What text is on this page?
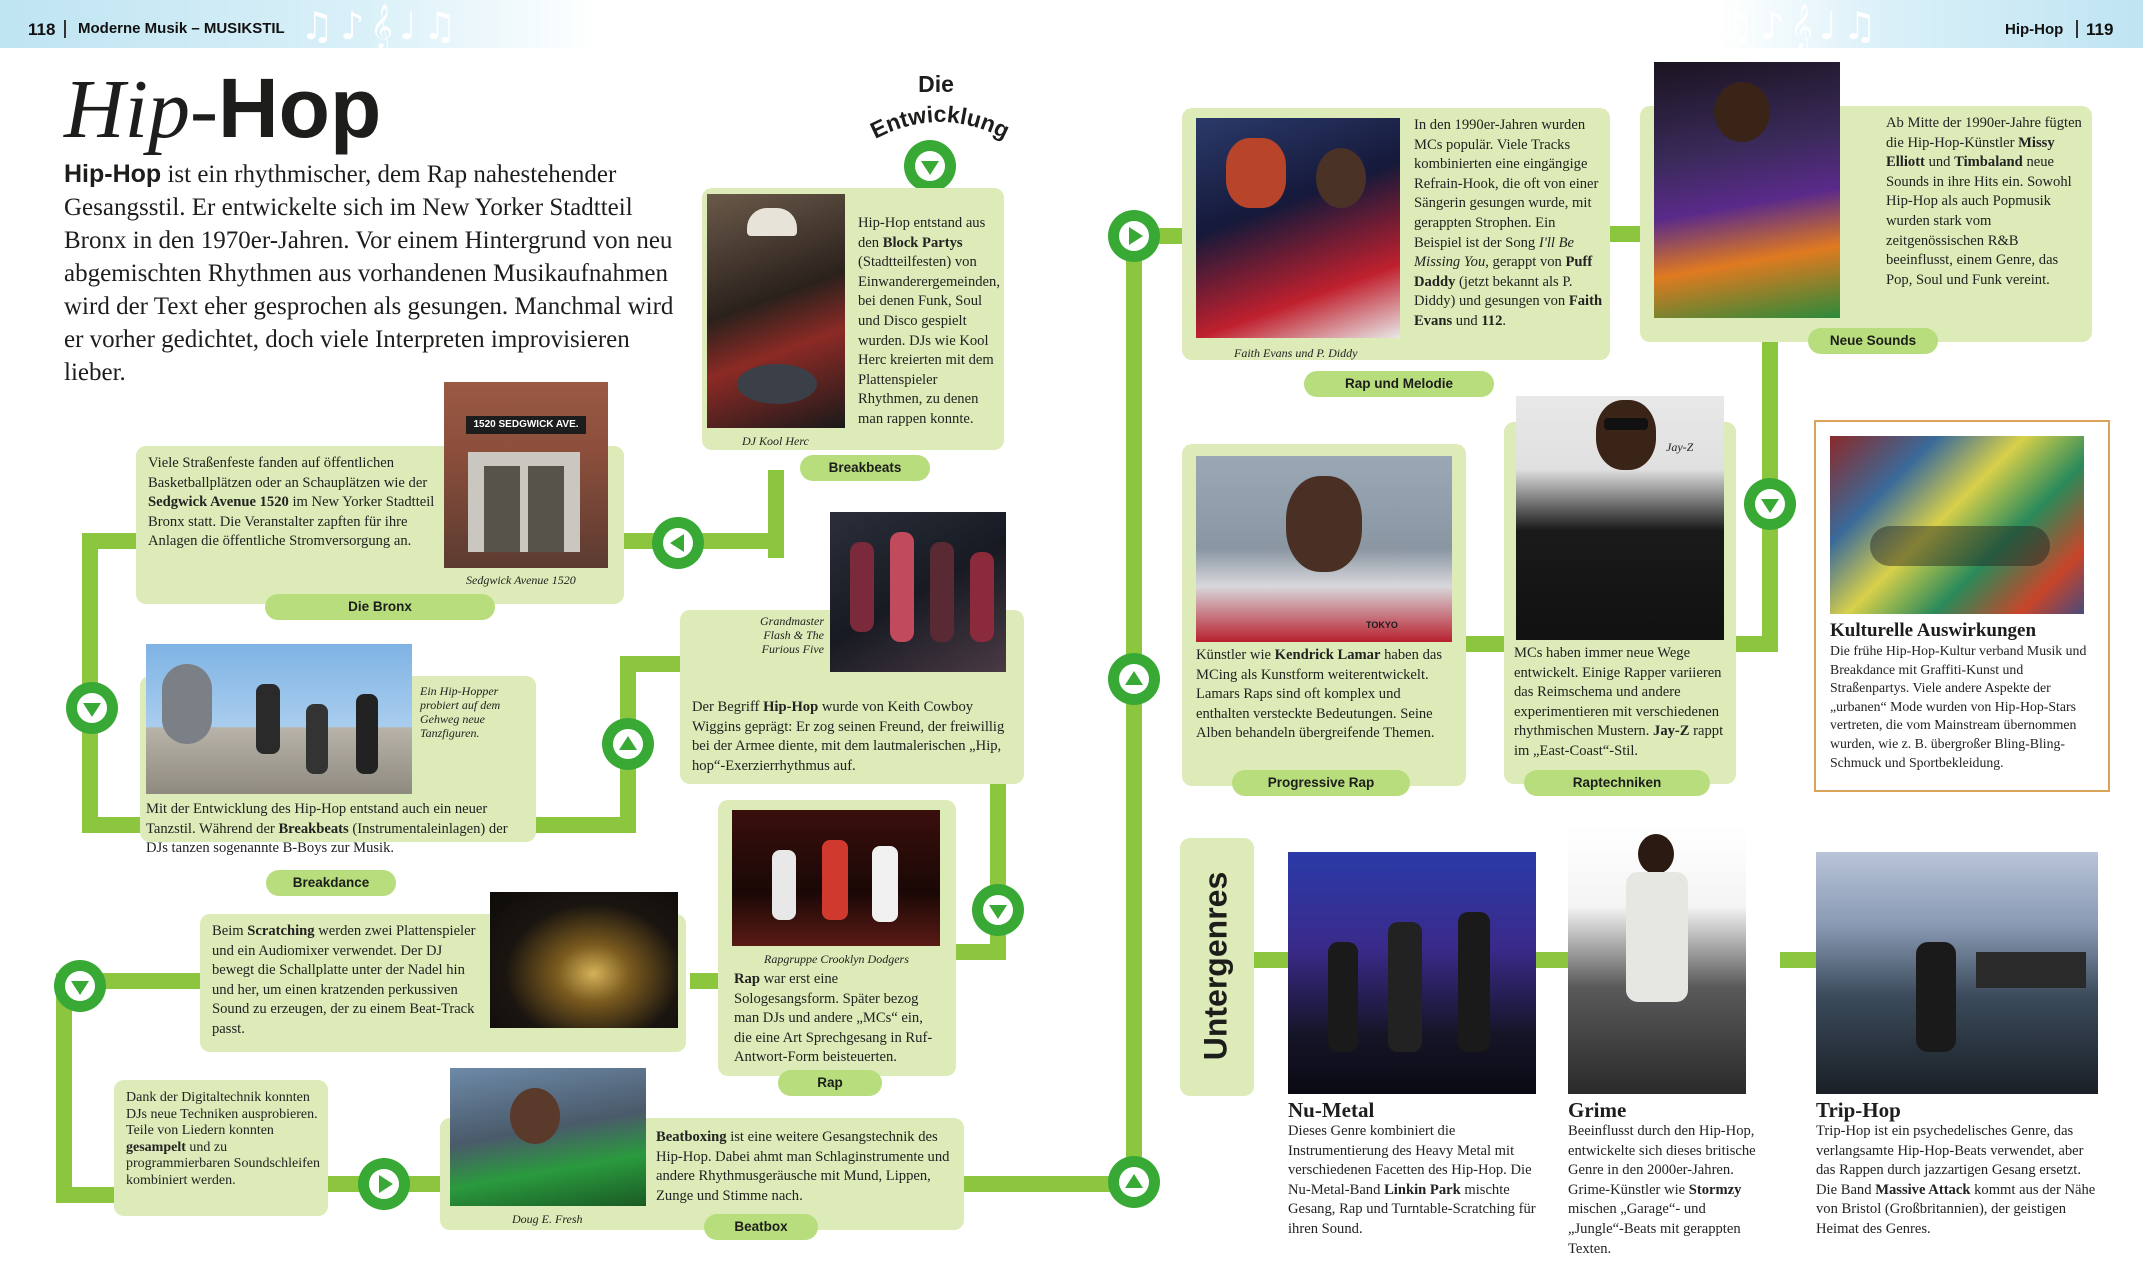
118 Moderne Musik – MUSIKSTIL ♫♪𝄞♩♫	♫♪𝄞♩♫	Hip-Hop 119
Hip-Hop
Hip-Hop ist ein rhythmischer, dem Rap nahestehender Gesangsstil. Er entwickelte sich im New Yorker Stadtteil Bronx in den 1970er-Jahren. Vor einem Hintergrund von neu abgemischten Rhythmen aus vorhandenen Musikaufnahmen wird der Text eher gesprochen als gesungen. Manchmal wird er vorher gedichtet, doch viele Interpreten improvisieren lieber.
Die
Entwicklung
DJ Kool Herc
Hip-Hop entstand aus den Block Partys (Stadtteilfesten) von Einwanderergemeinden, bei denen Funk, Soul und Disco gespielt wurden. DJs wie Kool Herc kreierten mit dem Plattenspieler Rhythmen, zu denen man rappen konnte.
Breakbeats
1520 SEDGWICK AVE.
Sedgwick Avenue 1520
Viele Straßenfeste fanden auf öffentlichen Basketballplätzen oder an Schauplätzen wie der Sedgwick Avenue 1520 im New Yorker Stadtteil Bronx statt. Die Veranstalter zapften für ihre Anlagen die öffentliche Stromversorgung an.
Die Bronx
Ein Hip-Hopper probiert auf dem Gehweg neue Tanzfiguren.
Mit der Entwicklung des Hip-Hop entstand auch ein neuer Tanzstil. Während der Breakbeats (Instrumentaleinlagen) der DJs tanzen sogenannte B-Boys zur Musik.
Breakdance
Grandmaster Flash & The Furious Five
Der Begriff Hip-Hop wurde von Keith Cowboy Wiggins geprägt: Er zog seinen Freund, der freiwillig bei der Armee diente, mit dem lautmalerischen „Hip, hop“-Exerzierrhythmus auf.
Beim Scratching werden zwei Plattenspieler und ein Audiomixer verwendet. Der DJ bewegt die Schallplatte unter der Nadel hin und her, um einen kratzenden perkussiven Sound zu erzeugen, der zu einem Beat-Track passt.
Rapgruppe Crooklyn Dodgers
Rap war erst eine Sologesangsform. Später bezog man DJs und andere „MCs“ ein, die eine Art Sprechgesang in Ruf-Antwort-Form beisteuerten.
Rap
Dank der Digitaltechnik konnten DJs neue Techniken ausprobieren. Teile von Liedern konnten gesampelt und zu programmierbaren Soundschleifen kombiniert werden.
Doug E. Fresh
Beatboxing ist eine weitere Gesangstechnik des Hip-Hop. Dabei ahmt man Schlaginstrumente und andere Rhythmusgeräusche mit Mund, Lippen, Zunge und Stimme nach.
Beatbox
Faith Evans und P. Diddy
In den 1990er-Jahren wurden MCs populär. Viele Tracks kombinierten eine eingängige Refrain-Hook, die oft von einer Sängerin gesungen wurde, mit gerappten Strophen. Ein Beispiel ist der Song I'll Be Missing You, gerappt von Puff Daddy (jetzt bekannt als P. Diddy) und gesungen von Faith Evans und 112.
Rap und Melodie
Ab Mitte der 1990er-Jahre fügten die Hip-Hop-Künstler Missy Elliott und Timbaland neue Sounds in ihre Hits ein. Sowohl Hip-Hop als auch Popmusik wurden stark vom zeitgenössischen R&B beeinflusst, einem Genre, das Pop, Soul und Funk vereint.
Neue Sounds
TOKYO
Künstler wie Kendrick Lamar haben das MCing als Kunstform weiterentwickelt. Lamars Raps sind oft komplex und enthalten versteckte Bedeutungen. Seine Alben behandeln übergreifende Themen.
Progressive Rap
Jay-Z
MCs haben immer neue Wege entwickelt. Einige Rapper variieren das Reimschema und andere experimentieren mit verschiedenen rhythmischen Mustern. Jay-Z rappt im „East-Coast“-Stil.
Raptechniken
Kulturelle Auswirkungen
Die frühe Hip-Hop-Kultur verband Musik und Breakdance mit Graffiti-Kunst und Straßenpartys. Viele andere Aspekte der „urbanen“ Mode wurden von Hip-Hop-Stars vertreten, die vom Mainstream übernommen wurden, wie z. B. übergroßer Bling-Bling-Schmuck und Sportbekleidung.
Untergenres
Nu-Metal
Dieses Genre kombiniert die Instrumentierung des Heavy Metal mit verschiedenen Facetten des Hip-Hop. Die Nu-Metal-Band Linkin Park mischte Gesang, Rap und Turntable-Scratching für ihren Sound.
Grime
Beeinflusst durch den Hip-Hop, entwickelte sich dieses britische Genre in den 2000er-Jahren. Grime-Künstler wie Stormzy mischen „Garage“- und „Jungle“-Beats mit gerappten Texten.
Trip-Hop
Trip-Hop ist ein psychedelisches Genre, das verlangsamte Hip-Hop-Beats verwendet, aber das Rappen durch jazzartigen Gesang ersetzt. Die Band Massive Attack kommt aus der Nähe von Bristol (Großbritannien), der geistigen Heimat des Genres.
